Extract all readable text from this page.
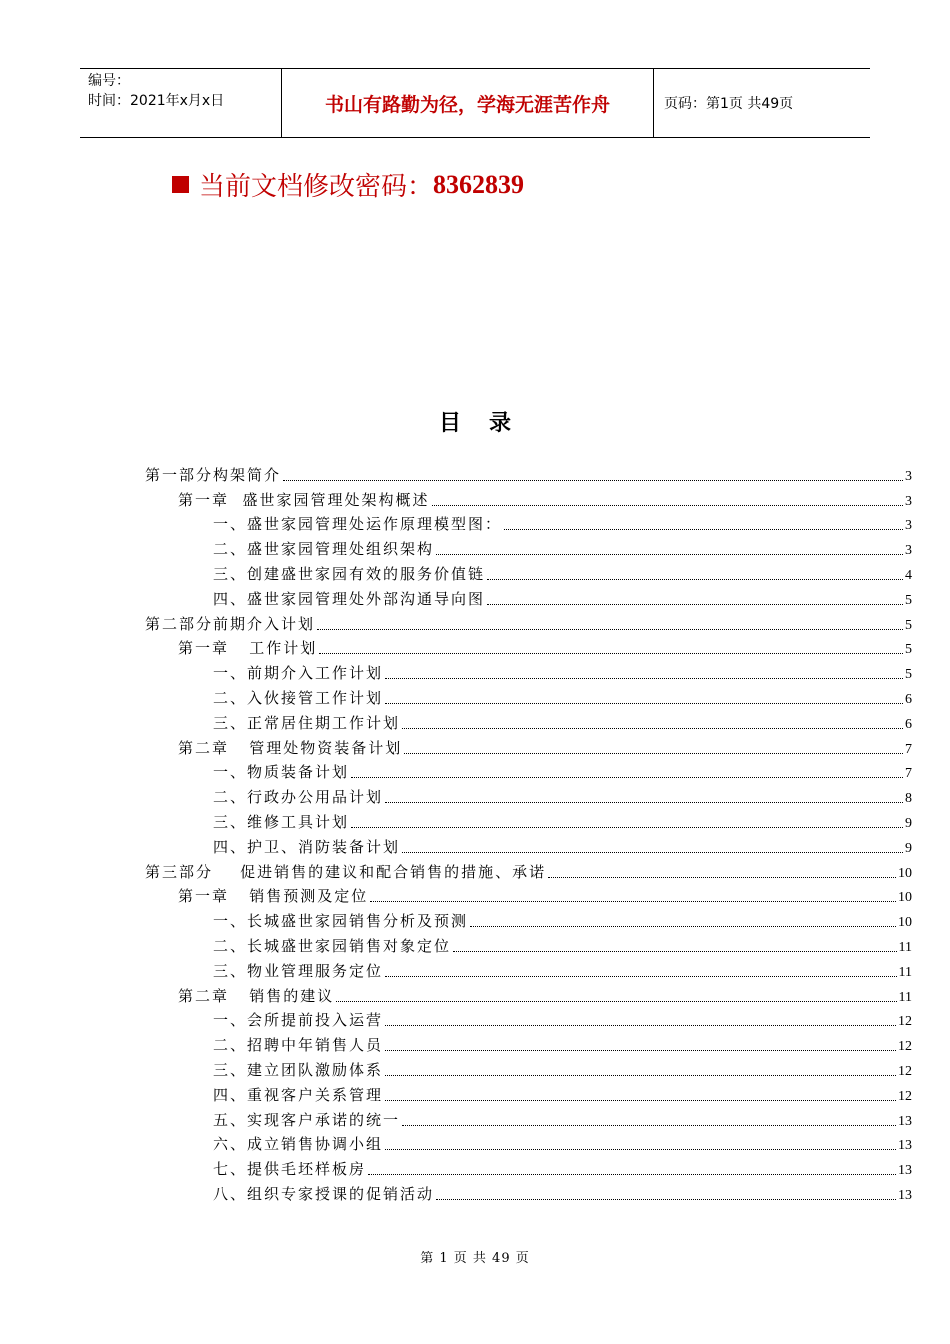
编号：
时间：2021年x月x日	书山有路勤为径，学海无涯苦作舟	页码：第1页 共49页
当前文档修改密码： 8362839
目录
第一部分构架简介	3
第一章  盛世家园管理处架构概述	3
一、盛世家园管理处运作原理模型图：	3
二、盛世家园管理处组织架构	3
三、创建盛世家园有效的服务价值链	4
四、盛世家园管理处外部沟通导向图	5
第二部分前期介入计划	5
第一章   工作计划	5
一、前期介入工作计划	5
二、入伙接管工作计划	6
三、正常居住期工作计划	6
第二章   管理处物资装备计划	7
一、物质装备计划	7
二、行政办公用品计划	8
三、维修工具计划	9
四、护卫、消防装备计划	9
第三部分    促进销售的建议和配合销售的措施、承诺	10
第一章   销售预测及定位	10
一、长城盛世家园销售分析及预测	10
二、长城盛世家园销售对象定位	11
三、物业管理服务定位	11
第二章   销售的建议	11
一、会所提前投入运营	12
二、招聘中年销售人员	12
三、建立团队激励体系	12
四、重视客户关系管理	12
五、实现客户承诺的统一	13
六、成立销售协调小组	13
七、提供毛坯样板房	13
八、组织专家授课的促销活动	13
第 1 页 共 49 页
